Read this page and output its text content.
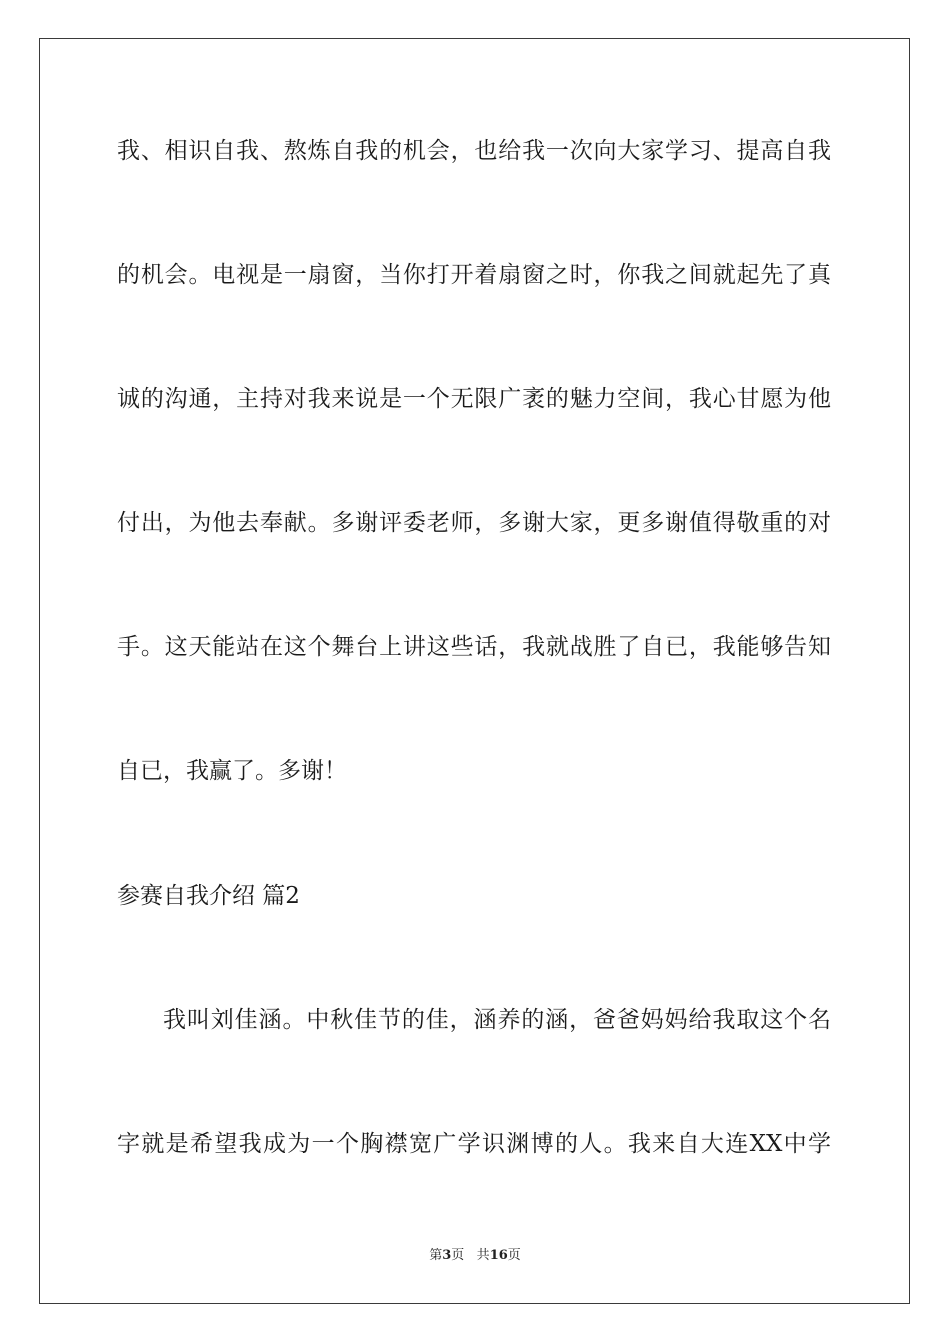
我、相识自我、熬炼自我的机会，也给我一次向大家学习、提高自我
的机会。电视是一扇窗，当你打开着扇窗之时，你我之间就起先了真
诚的沟通，主持对我来说是一个无限广袤的魅力空间，我心甘愿为他
付出，为他去奉献。多谢评委老师，多谢大家，更多谢值得敬重的对
手。这天能站在这个舞台上讲这些话，我就战胜了自已，我能够告知
自已，我赢了。多谢！
参赛自我介绍 篇2
我叫刘佳涵。中秋佳节的佳，涵养的涵，爸爸妈妈给我取这个名
字就是希望我成为一个胸襟宽广学识渊博的人。我来自大连XX中学
第3页 共16页
